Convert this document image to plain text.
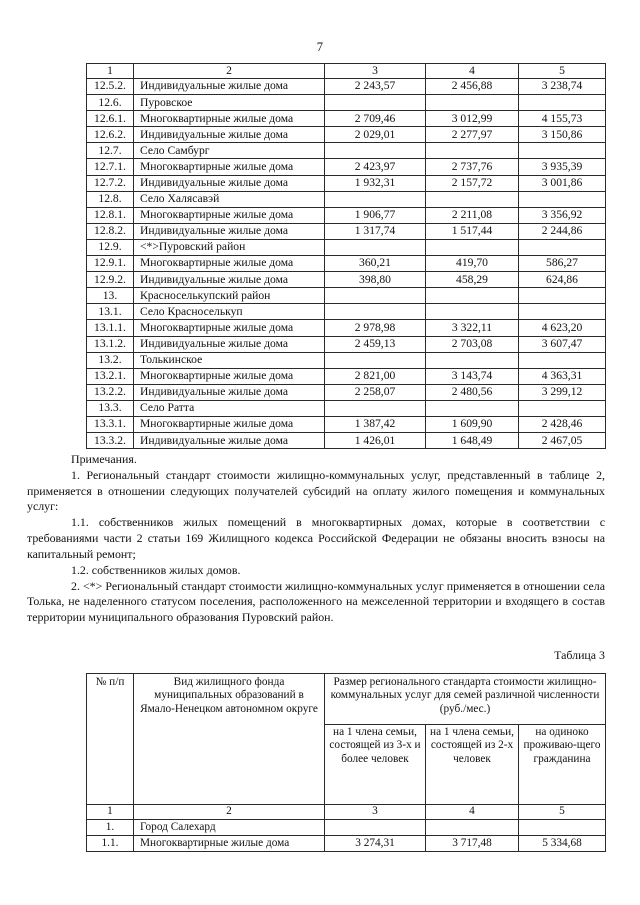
7
1	2	3	4	5
12.5.2.	Индивидуальные жилые дома	2 243,57	2 456,88	3 238,74
12.6.	Пуровское			
12.6.1.	Многоквартирные жилые дома	2 709,46	3 012,99	4 155,73
12.6.2.	Индивидуальные жилые дома	2 029,01	2 277,97	3 150,86
12.7.	Село Самбург			
12.7.1.	Многоквартирные жилые дома	2 423,97	2 737,76	3 935,39
12.7.2.	Индивидуальные жилые дома	1 932,31	2 157,72	3 001,86
12.8.	Село Халясавэй			
12.8.1.	Многоквартирные жилые дома	1 906,77	2 211,08	3 356,92
12.8.2.	Индивидуальные жилые дома	1 317,74	1 517,44	2 244,86
12.9.	<*>Пуровский район			
12.9.1.	Многоквартирные жилые дома	360,21	419,70	586,27
12.9.2.	Индивидуальные жилые дома	398,80	458,29	624,86
13.	Красноселькупский район			
13.1.	Село Красноселькуп			
13.1.1.	Многоквартирные жилые дома	2 978,98	3 322,11	4 623,20
13.1.2.	Индивидуальные жилые дома	2 459,13	2 703,08	3 607,47
13.2.	Толькинское			
13.2.1.	Многоквартирные жилые дома	2 821,00	3 143,74	4 363,31
13.2.2.	Индивидуальные жилые дома	2 258,07	2 480,56	3 299,12
13.3.	Село Ратта			
13.3.1.	Многоквартирные жилые дома	1 387,42	1 609,90	2 428,46
13.3.2.	Индивидуальные жилые дома	1 426,01	1 648,49	2 467,05

Примечания.

1. Региональный стандарт стоимости жилищно-коммунальных услуг, представленный в таблице 2, применяется в отношении следующих получателей субсидий на оплату жилого помещения и коммунальных услуг:

1.1. собственников жилых помещений в многоквартирных домах, которые в соответствии с требованиями части 2 статьи 169 Жилищного кодекса Российской Федерации не обязаны вносить взносы на капитальный ремонт;

1.2. собственников жилых домов.

2. <*> Региональный стандарт стоимости жилищно-коммунальных услуг применяется в отношении села Толька, не наделенного статусом поселения, расположенного на межселенной территории и входящего в состав территории муниципального образования Пуровский район.

Таблица 3
№ п/п	Вид жилищного фонда муниципальных образований в Ямало-Ненецком автономном округе	Размер регионального стандарта стоимости жилищно-коммунальных услуг для семей различной численности (руб./мес.)		
		на 1 члена семьи, состоящей из 3-х и более человек	на 1 члена семьи, состоящей из 2-х человек	на одиноко проживаю-щего гражданина
1	2	3	4	5
1.	Город Салехард			
1.1.	Многоквартирные жилые дома	3 274,31	3 717,48	5 334,68
